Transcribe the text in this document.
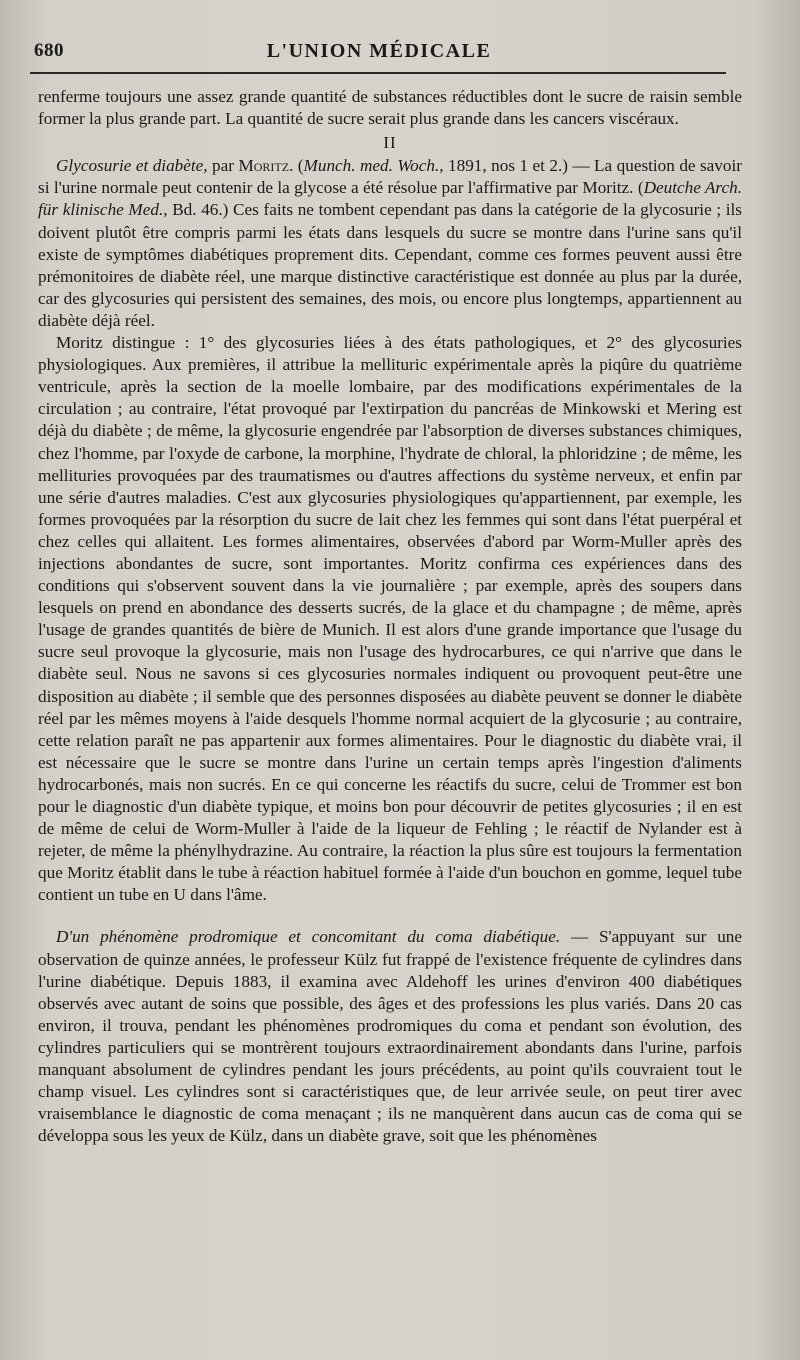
680	L'UNION MÉDICALE

renferme toujours une assez grande quantité de substances réductibles dont le sucre de raisin semble former la plus grande part. La quantité de sucre serait plus grande dans les cancers viscéraux.

II

Glycosurie et diabète, par Moritz. (Munch. med. Woch., 1891, nos 1 et 2.) — La question de savoir si l'urine normale peut contenir de la glycose a été résolue par l'affirmative par Moritz. (Deutche Arch. für klinische Med., Bd. 46.) Ces faits ne tombent cependant pas dans la catégorie de la glycosurie ; ils doivent plutôt être compris parmi les états dans lesquels du sucre se montre dans l'urine sans qu'il existe de symptômes diabétiques proprement dits. Cependant, comme ces formes peuvent aussi être prémonitoires de diabète réel, une marque distinctive caractéristique est donnée au plus par la durée, car des glycosuries qui persistent des semaines, des mois, ou encore plus longtemps, appartiennent au diabète déjà réel.

Moritz distingue : 1° des glycosuries liées à des états pathologiques, et 2° des glycosuries physiologiques. Aux premières, il attribue la mellituric expérimentale après la piqûre du quatrième ventricule, après la section de la moelle lombaire, par des modifications expérimentales de la circulation ; au contraire, l'état provoqué par l'extirpation du pancréas de Minkowski et Mering est déjà du diabète ; de même, la glycosurie engendrée par l'absorption de diverses substances chimiques, chez l'homme, par l'oxyde de carbone, la morphine, l'hydrate de chloral, la phloridzine ; de même, les mellituries provoquées par des traumatismes ou d'autres affections du système nerveux, et enfin par une série d'autres maladies. C'est aux glycosuries physiologiques qu'appartiennent, par exemple, les formes provoquées par la résorption du sucre de lait chez les femmes qui sont dans l'état puerpéral et chez celles qui allaitent. Les formes alimentaires, observées d'abord par Worm-Muller après des injections abondantes de sucre, sont importantes. Moritz confirma ces expériences dans des conditions qui s'observent souvent dans la vie journalière ; par exemple, après des soupers dans lesquels on prend en abondance des desserts sucrés, de la glace et du champagne ; de même, après l'usage de grandes quantités de bière de Munich. Il est alors d'une grande importance que l'usage du sucre seul provoque la glycosurie, mais non l'usage des hydrocarbures, ce qui n'arrive que dans le diabète seul. Nous ne savons si ces glycosuries normales indiquent ou provoquent peut-être une disposition au diabète ; il semble que des personnes disposées au diabète peuvent se donner le diabète réel par les mêmes moyens à l'aide desquels l'homme normal acquiert de la glycosurie ; au contraire, cette relation paraît ne pas appartenir aux formes alimentaires. Pour le diagnostic du diabète vrai, il est nécessaire que le sucre se montre dans l'urine un certain temps après l'ingestion d'aliments hydrocarbonés, mais non sucrés. En ce qui concerne les réactifs du sucre, celui de Trommer est bon pour le diagnostic d'un diabète typique, et moins bon pour découvrir de petites glycosuries ; il en est de même de celui de Worm-Muller à l'aide de la liqueur de Fehling ; le réactif de Nylander est à rejeter, de même la phénylhydrazine. Au contraire, la réaction la plus sûre est toujours la fermentation que Moritz établit dans le tube à réaction habituel formée à l'aide d'un bouchon en gomme, lequel tube contient un tube en U dans l'âme.

D'un phénomène prodromique et concomitant du coma diabétique. — S'appuyant sur une observation de quinze années, le professeur Külz fut frappé de l'existence fréquente de cylindres dans l'urine diabétique. Depuis 1883, il examina avec Aldehoff les urines d'environ 400 diabétiques observés avec autant de soins que possible, des âges et des professions les plus variés. Dans 20 cas environ, il trouva, pendant les phénomènes prodromiques du coma et pendant son évolution, des cylindres particuliers qui se montrèrent toujours extraordinairement abondants dans l'urine, parfois manquant absolument de cylindres pendant les jours précédents, au point qu'ils couvraient tout le champ visuel. Les cylindres sont si caractéristiques que, de leur arrivée seule, on peut tirer avec vraisemblance le diagnostic de coma menaçant ; ils ne manquèrent dans aucun cas de coma qui se développa sous les yeux de Külz, dans un diabète grave, soit que les phénomènes
